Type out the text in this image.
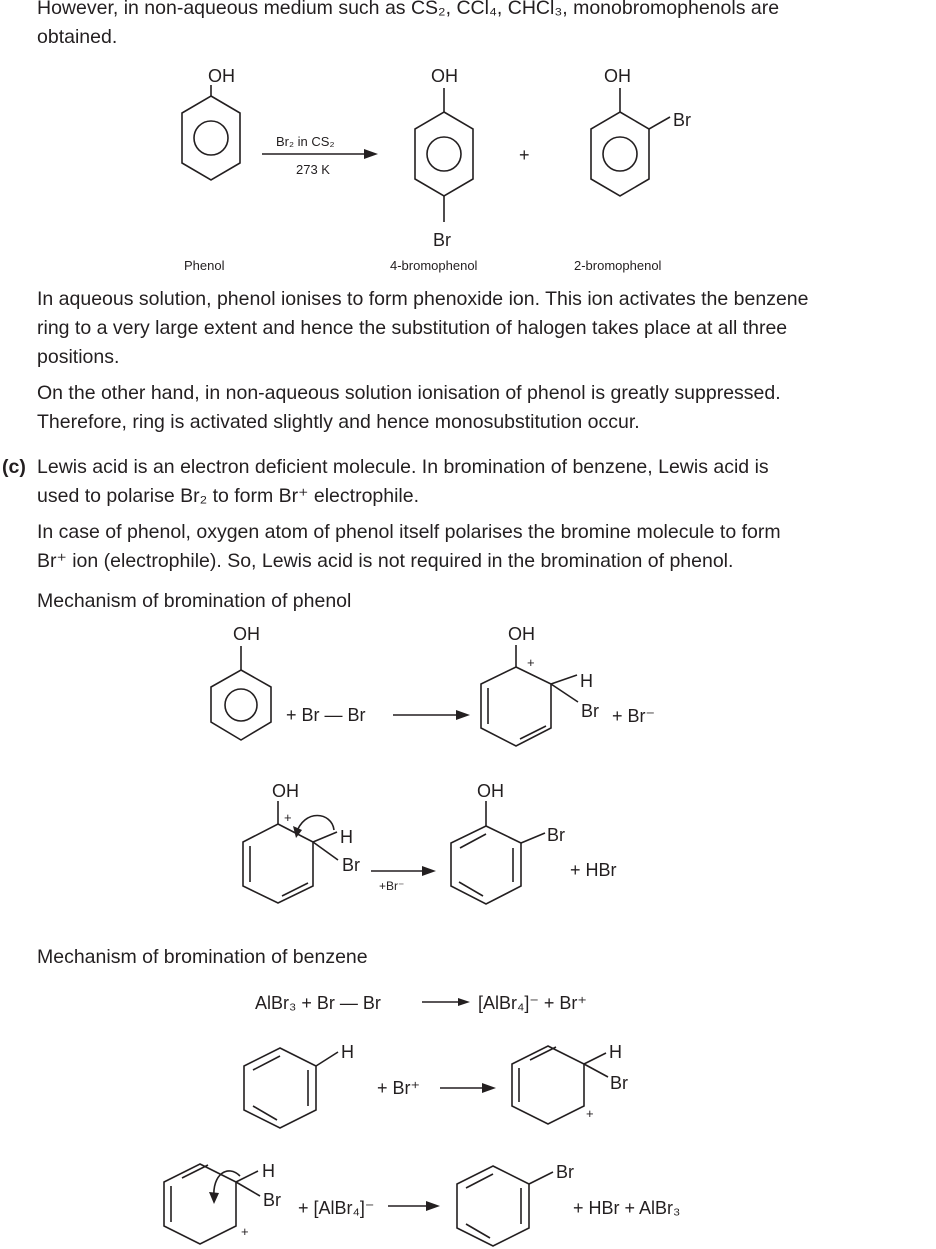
However, in non-aqueous medium such as CS₂, CCl₄, CHCl₃, monobromophenols are
obtained.
OH
Phenol
Br₂ in CS₂
273 K
OH
Br
4-bromophenol
+
OH
Br
2-bromophenol
In aqueous solution, phenol ionises to form phenoxide ion. This ion activates the benzene
ring to a very large extent and hence the substitution of halogen takes place at all three
positions.
On the other hand, in non-aqueous solution ionisation of phenol is greatly suppressed.
Therefore, ring is activated slightly and hence monosubstitution occur.
(c) Lewis acid is an electron deficient molecule. In bromination of benzene, Lewis acid is
used to polarise Br₂ to form Br⁺ electrophile.
In case of phenol, oxygen atom of phenol itself polarises the bromine molecule to form
Br⁺ ion (electrophile). So, Lewis acid is not required in the bromination of phenol.
Mechanism of bromination of phenol
OH
+ Br — Br
OH
+
H
Br + Br⁻
OH
+
H
Br
+Br⁻
OH
Br
+ HBr
Mechanism of bromination of benzene
AlBr₃ + Br — Br	[AlBr₄]⁻ + Br⁺
H
+ Br⁺
H
Br
+
H
Br
+
+ [AlBr₄]⁻
Br
+ HBr + AlBr₃
